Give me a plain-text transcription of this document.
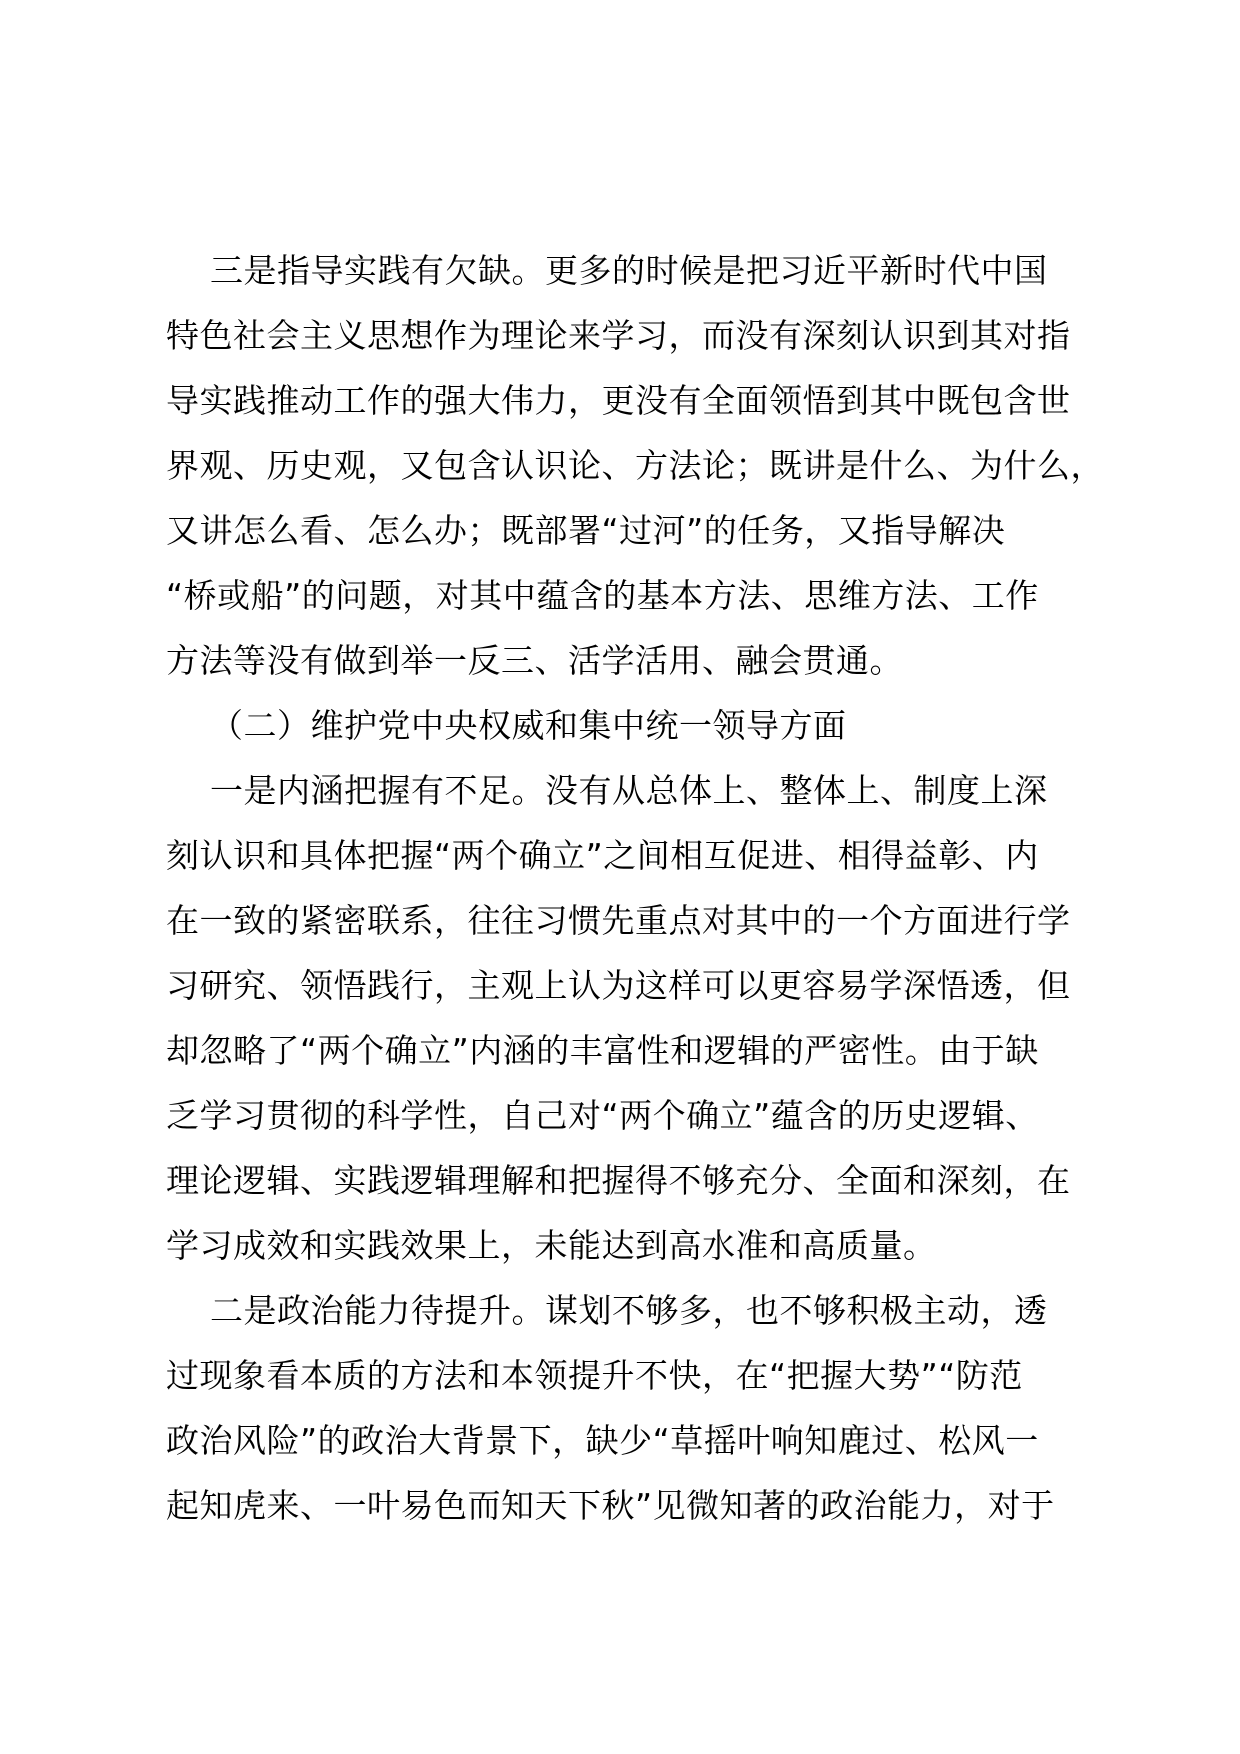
三是指导实践有欠缺。更多的时候是把习近平新时代中国
特色社会主义思想作为理论来学习，而没有深刻认识到其对指
导实践推动工作的强大伟力，更没有全面领悟到其中既包含世
界观、历史观，又包含认识论、方法论；既讲是什么、为什么，
又讲怎么看、怎么办；既部署“过河”的任务，又指导解决
“桥或船”的问题，对其中蕴含的基本方法、思维方法、工作
方法等没有做到举一反三、活学活用、融会贯通。
（二）维护党中央权威和集中统一领导方面
一是内涵把握有不足。没有从总体上、整体上、制度上深
刻认识和具体把握“两个确立”之间相互促进、相得益彰、内
在一致的紧密联系，往往习惯先重点对其中的一个方面进行学
习研究、领悟践行，主观上认为这样可以更容易学深悟透，但
却忽略了“两个确立”内涵的丰富性和逻辑的严密性。由于缺
乏学习贯彻的科学性，自己对“两个确立”蕴含的历史逻辑、
理论逻辑、实践逻辑理解和把握得不够充分、全面和深刻，在
学习成效和实践效果上，未能达到高水准和高质量。
二是政治能力待提升。谋划不够多，也不够积极主动，透
过现象看本质的方法和本领提升不快，在“把握大势”“防范
政治风险”的政治大背景下，缺少“草摇叶响知鹿过、松风一
起知虎来、一叶易色而知天下秋”见微知著的政治能力，对于
